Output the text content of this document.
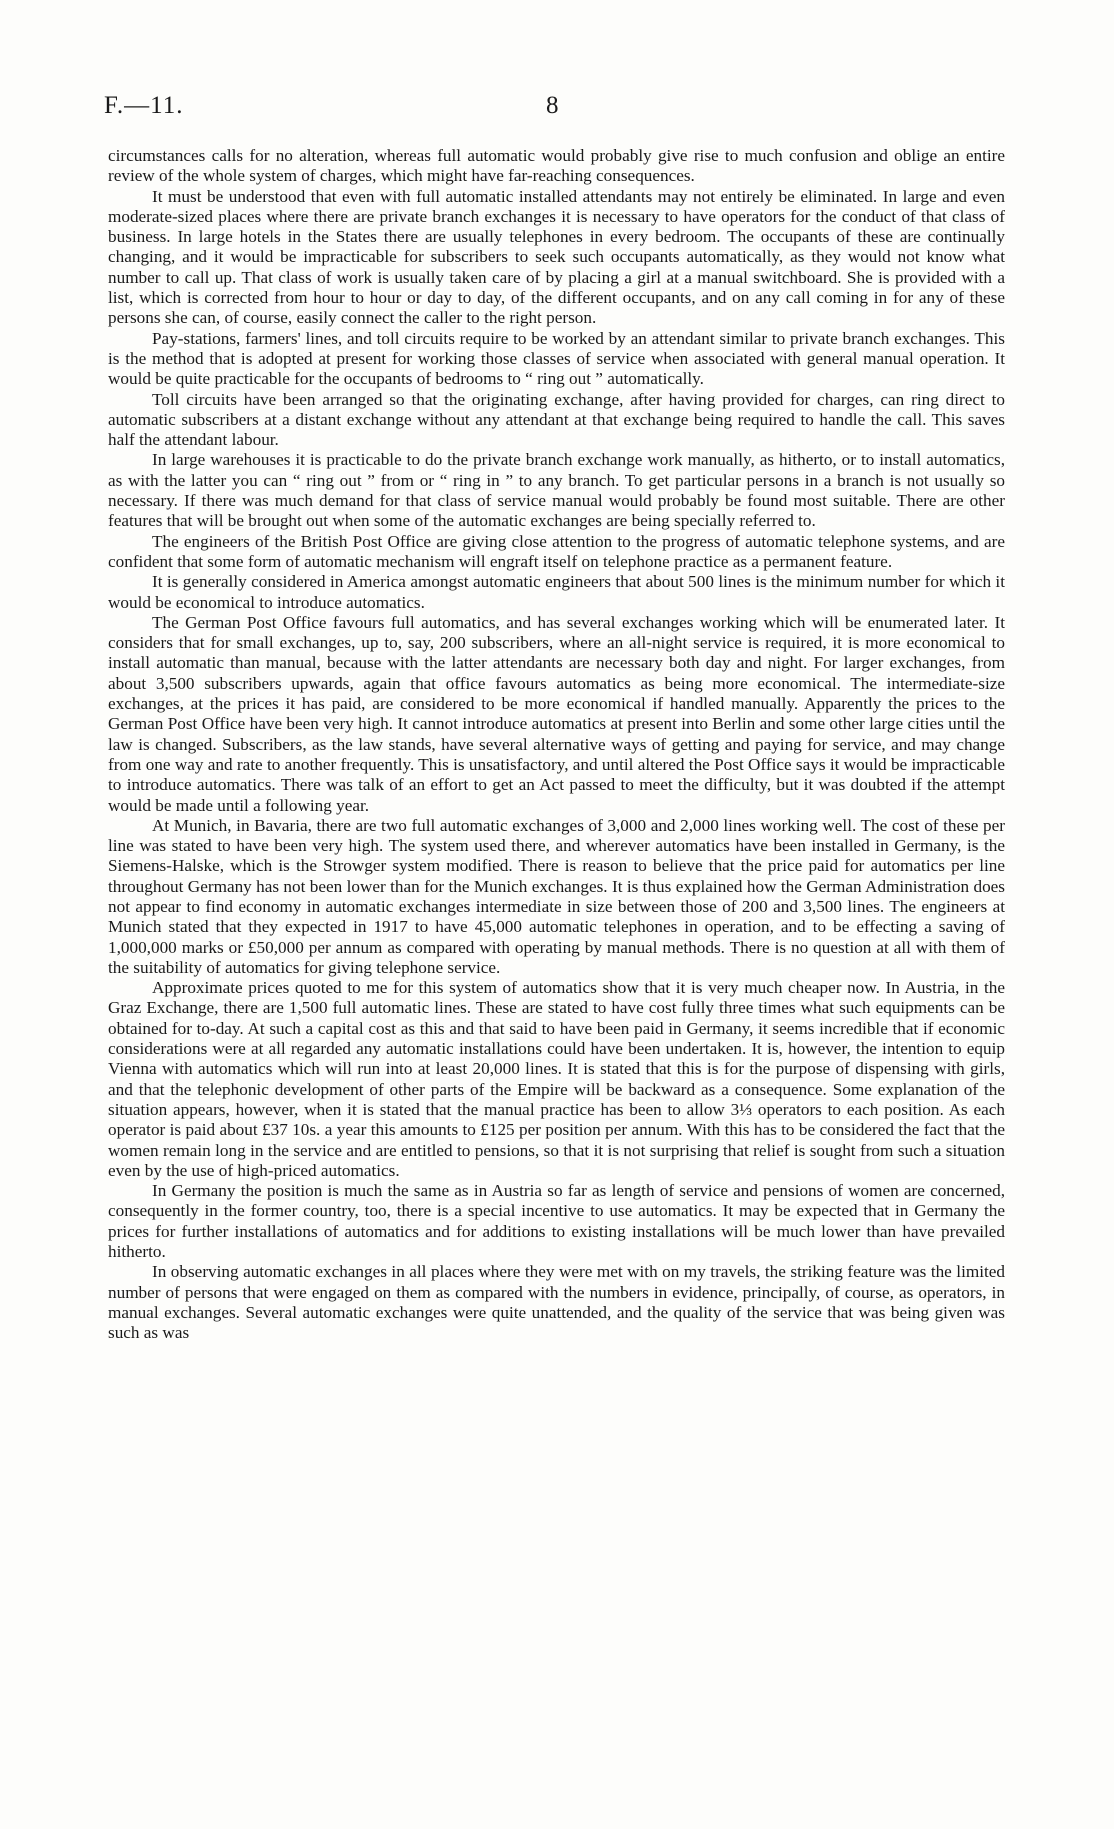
F.—11.	8

circumstances calls for no alteration, whereas full automatic would probably give rise to much confusion and oblige an entire review of the whole system of charges, which might have far-reaching consequences.

It must be understood that even with full automatic installed attendants may not entirely be eliminated. In large and even moderate-sized places where there are private branch exchanges it is necessary to have operators for the conduct of that class of business. In large hotels in the States there are usually telephones in every bedroom. The occupants of these are continually changing, and it would be impracticable for subscribers to seek such occupants automatically, as they would not know what number to call up. That class of work is usually taken care of by placing a girl at a manual switchboard. She is provided with a list, which is corrected from hour to hour or day to day, of the different occupants, and on any call coming in for any of these persons she can, of course, easily connect the caller to the right person.

Pay-stations, farmers' lines, and toll circuits require to be worked by an attendant similar to private branch exchanges. This is the method that is adopted at present for working those classes of service when associated with general manual operation. It would be quite practicable for the occupants of bedrooms to “ ring out ” automatically.

Toll circuits have been arranged so that the originating exchange, after having provided for charges, can ring direct to automatic subscribers at a distant exchange without any attendant at that exchange being required to handle the call. This saves half the attendant labour.

In large warehouses it is practicable to do the private branch exchange work manually, as hitherto, or to install automatics, as with the latter you can “ ring out ” from or “ ring in ” to any branch. To get particular persons in a branch is not usually so necessary. If there was much demand for that class of service manual would probably be found most suitable. There are other features that will be brought out when some of the automatic exchanges are being specially referred to.

The engineers of the British Post Office are giving close attention to the progress of automatic telephone systems, and are confident that some form of automatic mechanism will engraft itself on telephone practice as a permanent feature.

It is generally considered in America amongst automatic engineers that about 500 lines is the minimum number for which it would be economical to introduce automatics.

The German Post Office favours full automatics, and has several exchanges working which will be enumerated later. It considers that for small exchanges, up to, say, 200 subscribers, where an all-night service is required, it is more economical to install automatic than manual, because with the latter attendants are necessary both day and night. For larger exchanges, from about 3,500 subscribers upwards, again that office favours automatics as being more economical. The intermediate-size exchanges, at the prices it has paid, are considered to be more economical if handled manually. Apparently the prices to the German Post Office have been very high. It cannot introduce automatics at present into Berlin and some other large cities until the law is changed. Subscribers, as the law stands, have several alternative ways of getting and paying for service, and may change from one way and rate to another frequently. This is unsatisfactory, and until altered the Post Office says it would be impracticable to introduce automatics. There was talk of an effort to get an Act passed to meet the difficulty, but it was doubted if the attempt would be made until a following year.

At Munich, in Bavaria, there are two full automatic exchanges of 3,000 and 2,000 lines working well. The cost of these per line was stated to have been very high. The system used there, and wherever automatics have been installed in Germany, is the Siemens-Halske, which is the Strowger system modified. There is reason to believe that the price paid for automatics per line throughout Germany has not been lower than for the Munich exchanges. It is thus explained how the German Administration does not appear to find economy in automatic exchanges intermediate in size between those of 200 and 3,500 lines. The engineers at Munich stated that they expected in 1917 to have 45,000 automatic telephones in operation, and to be effecting a saving of 1,000,000 marks or £50,000 per annum as compared with operating by manual methods. There is no question at all with them of the suitability of automatics for giving telephone service.

Approximate prices quoted to me for this system of automatics show that it is very much cheaper now. In Austria, in the Graz Exchange, there are 1,500 full automatic lines. These are stated to have cost fully three times what such equipments can be obtained for to-day. At such a capital cost as this and that said to have been paid in Germany, it seems incredible that if economic considerations were at all regarded any automatic installations could have been undertaken. It is, however, the intention to equip Vienna with automatics which will run into at least 20,000 lines. It is stated that this is for the purpose of dispensing with girls, and that the telephonic development of other parts of the Empire will be backward as a consequence. Some explanation of the situation appears, however, when it is stated that the manual practice has been to allow 3⅓ operators to each position. As each operator is paid about £37 10s. a year this amounts to £125 per position per annum. With this has to be considered the fact that the women remain long in the service and are entitled to pensions, so that it is not surprising that relief is sought from such a situation even by the use of high-priced automatics.

In Germany the position is much the same as in Austria so far as length of service and pensions of women are concerned, consequently in the former country, too, there is a special incentive to use automatics. It may be expected that in Germany the prices for further installations of automatics and for additions to existing installations will be much lower than have prevailed hitherto.

In observing automatic exchanges in all places where they were met with on my travels, the striking feature was the limited number of persons that were engaged on them as compared with the numbers in evidence, principally, of course, as operators, in manual exchanges. Several automatic exchanges were quite unattended, and the quality of the service that was being given was such as was
